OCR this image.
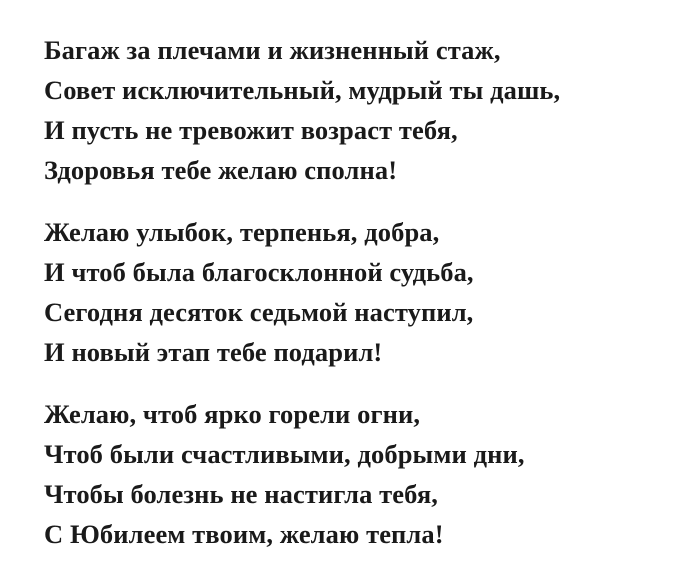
Багаж за плечами и жизненный стаж,
Совет исключительный, мудрый ты дашь,
И пусть не тревожит возраст тебя,
Здоровья тебе желаю сполна!
Желаю улыбок, терпенья, добра,
И чтоб была благосклонной судьба,
Сегодня десяток седьмой наступил,
И новый этап тебе подарил!
Желаю, чтоб ярко горели огни,
Чтоб были счастливыми, добрыми дни,
Чтобы болезнь не настигла тебя,
С Юбилеем твоим, желаю тепла!
